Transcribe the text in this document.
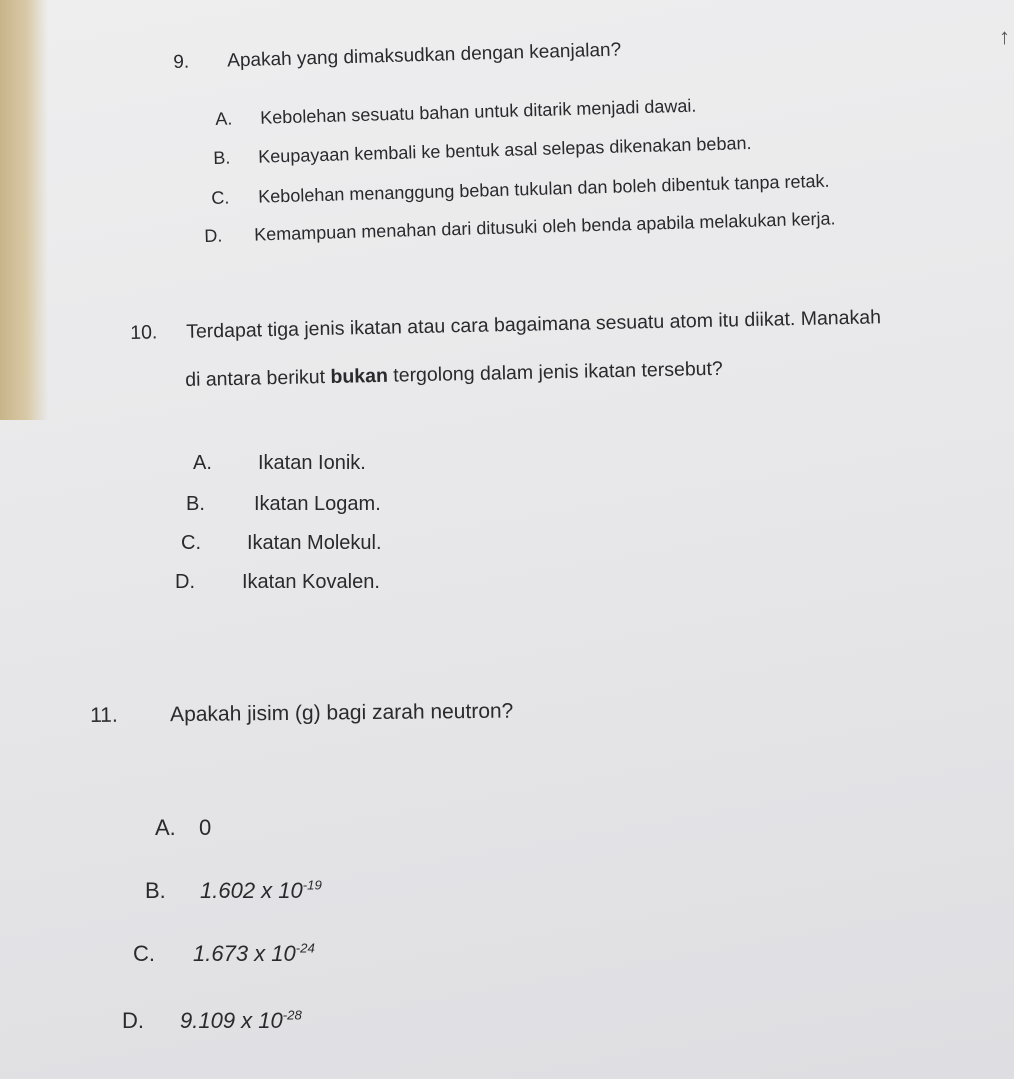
↑
9. Apakah yang dimaksudkan dengan keanjalan?
A. Kebolehan sesuatu bahan untuk ditarik menjadi dawai.
B. Keupayaan kembali ke bentuk asal selepas dikenakan beban.
C. Kebolehan menanggung beban tukulan dan boleh dibentuk tanpa retak.
D. Kemampuan menahan dari ditusuki oleh benda apabila melakukan kerja.
10. Terdapat tiga jenis ikatan atau cara bagaimana sesuatu atom itu diikat. Manakah
di antara berikut bukan tergolong dalam jenis ikatan tersebut?
A. Ikatan Ionik.
B. Ikatan Logam.
C. Ikatan Molekul.
D. Ikatan Kovalen.
11. Apakah jisim (g) bagi zarah neutron?
A. 0
B. 1.602 x $10^{-19}$
C. 1.673 x $10^{-24}$
D. 9.109 x $10^{-28}$
